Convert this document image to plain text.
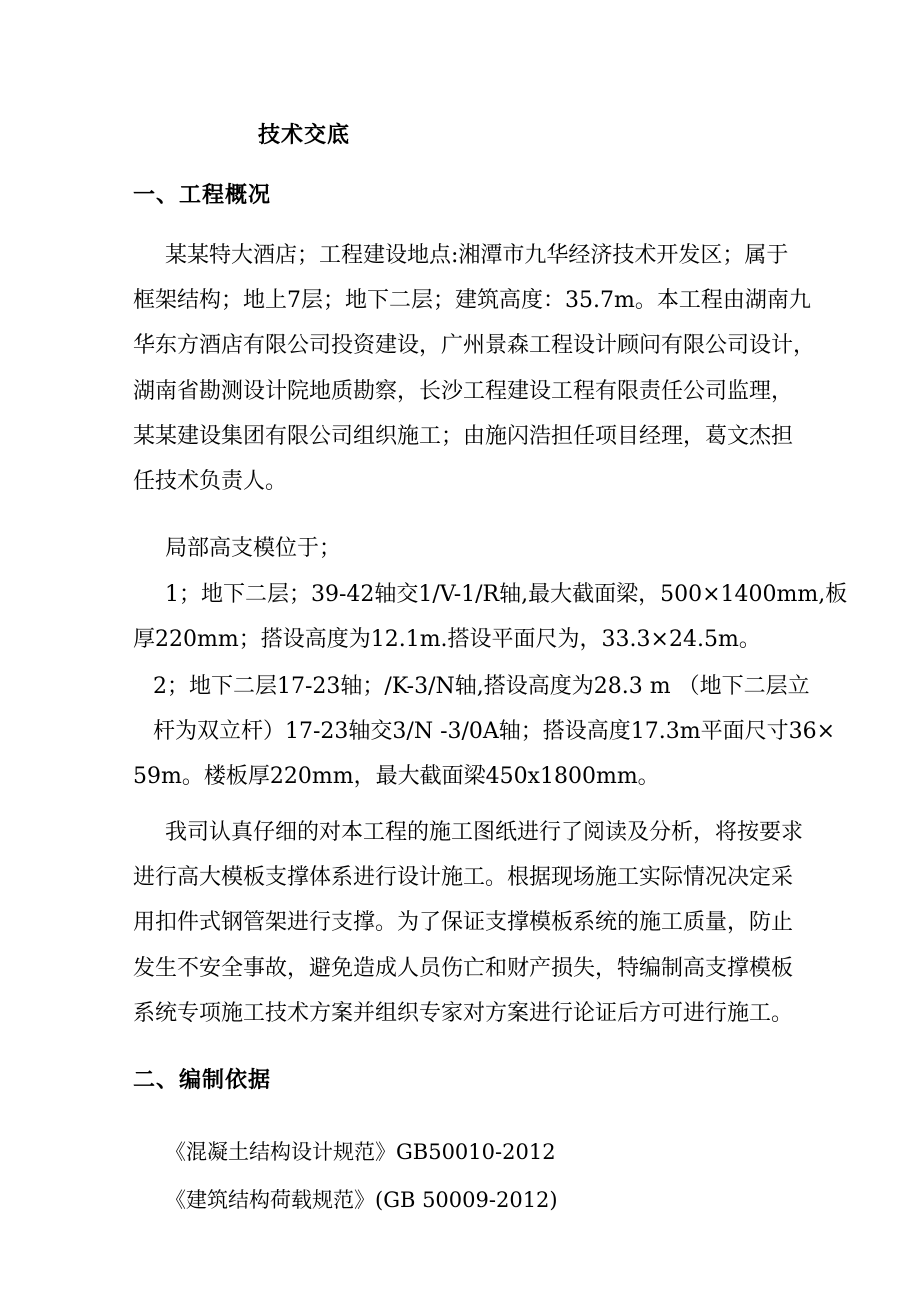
技术交底
一、工程概况
某某特大酒店；工程建设地点:湘潭市九华经济技术开发区；属于
框架结构；地上7层；地下二层；建筑高度：35.7m。本工程由湖南九
华东方酒店有限公司投资建设，广州景森工程设计顾问有限公司设计，
湖南省勘测设计院地质勘察，长沙工程建设工程有限责任公司监理，
某某建设集团有限公司组织施工；由施闪浩担任项目经理，葛文杰担
任技术负责人。
局部高支模位于；
1；地下二层；39-42轴交1/V-1/R轴,最大截面梁，500×1400mm,板
厚220mm；搭设高度为12.1m.搭设平面尺为，33.3×24.5m。
2；地下二层17-23轴；/K-3/N轴,搭设高度为28.3 m （地下二层立
杆为双立杆）17-23轴交3/N -3/0A轴；搭设高度17.3m平面尺寸36×
59m。楼板厚220mm，最大截面梁450x1800mm。
我司认真仔细的对本工程的施工图纸进行了阅读及分析，将按要求
进行高大模板支撑体系进行设计施工。根据现场施工实际情况决定采
用扣件式钢管架进行支撑。为了保证支撑模板系统的施工质量，防止
发生不安全事故，避免造成人员伤亡和财产损失，特编制高支撑模板
系统专项施工技术方案并组织专家对方案进行论证后方可进行施工。
二、编制依据
《混凝土结构设计规范》GB50010-2012
《建筑结构荷载规范》(GB 50009-2012)
